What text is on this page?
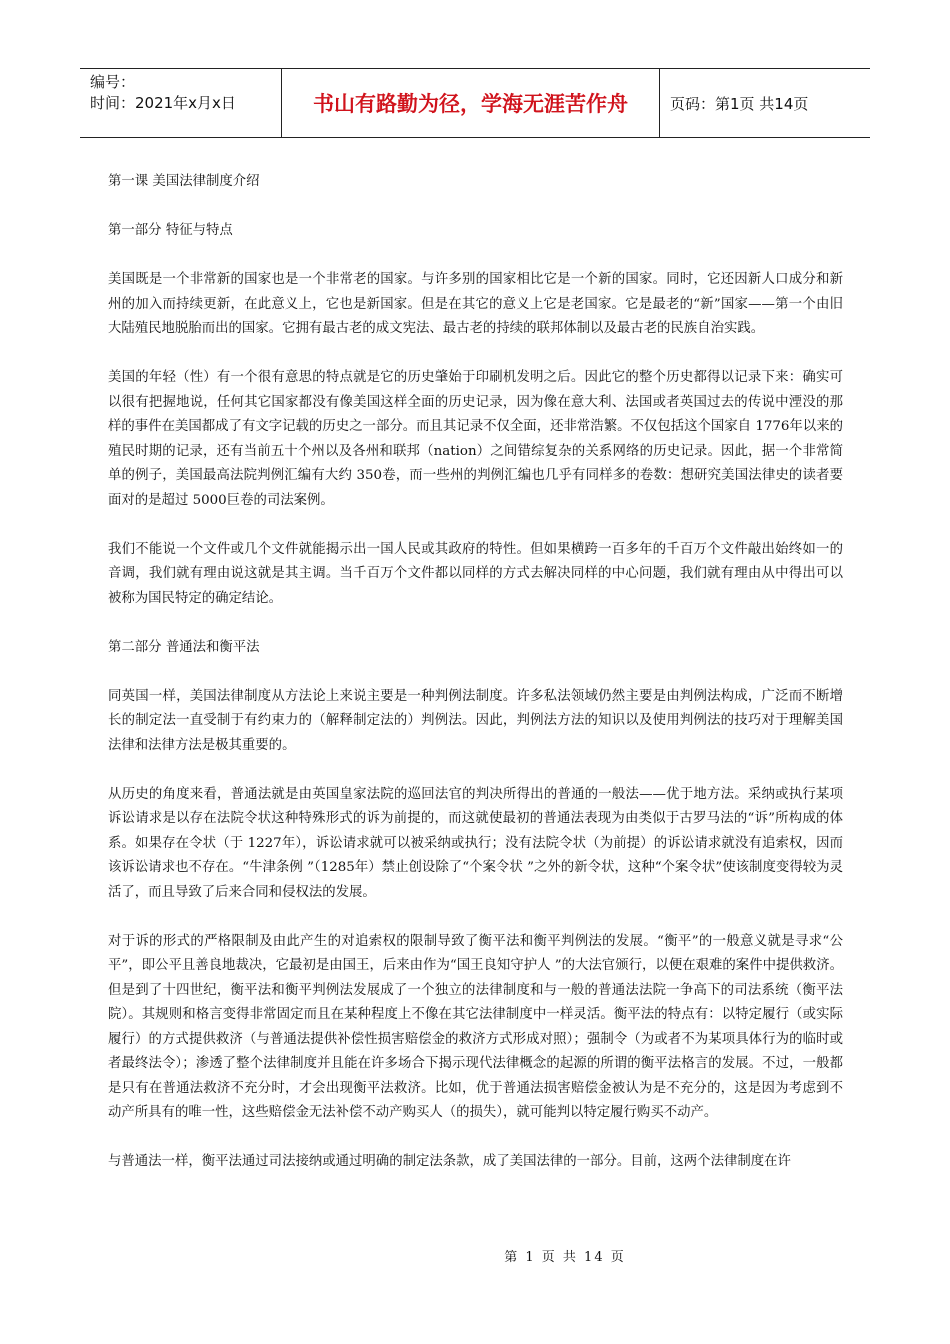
编号：
时间：2021年x月x日	书山有路勤为径，学海无涯苦作舟	页码：第1页 共14页

第一课 美国法律制度介绍

第一部分 特征与特点

美国既是一个非常新的国家也是一个非常老的国家。与许多别的国家相比它是一个新的国家。同时，它还因新人口成分和新州的加入而持续更新，在此意义上，它也是新国家。但是在其它的意义上它是老国家。它是最老的“新”国家——第一个由旧大陆殖民地脱胎而出的国家。它拥有最古老的成文宪法、最古老的持续的联邦体制以及最古老的民族自治实践。

美国的年轻（性）有一个很有意思的特点就是它的历史肇始于印刷机发明之后。因此它的整个历史都得以记录下来：确实可以很有把握地说，任何其它国家都没有像美国这样全面的历史记录，因为像在意大利、法国或者英国过去的传说中湮没的那样的事件在美国都成了有文字记载的历史之一部分。而且其记录不仅全面，还非常浩繁。不仅包括这个国家自 1776年以来的殖民时期的记录，还有当前五十个州以及各州和联邦（nation）之间错综复杂的关系网络的历史记录。因此，据一个非常简单的例子，美国最高法院判例汇编有大约 350卷，而一些州的判例汇编也几乎有同样多的卷数：想研究美国法律史的读者要面对的是超过 5000巨卷的司法案例。

我们不能说一个文件或几个文件就能揭示出一国人民或其政府的特性。但如果横跨一百多年的千百万个文件敲出始终如一的音调，我们就有理由说这就是其主调。当千百万个文件都以同样的方式去解决同样的中心问题，我们就有理由从中得出可以被称为国民特定的确定结论。

第二部分 普通法和衡平法

同英国一样，美国法律制度从方法论上来说主要是一种判例法制度。许多私法领域仍然主要是由判例法构成，广泛而不断增长的制定法一直受制于有约束力的（解释制定法的）判例法。因此，判例法方法的知识以及使用判例法的技巧对于理解美国法律和法律方法是极其重要的。

从历史的角度来看，普通法就是由英国皇家法院的巡回法官的判决所得出的普通的一般法——优于地方法。采纳或执行某项诉讼请求是以存在法院令状这种特殊形式的诉为前提的，而这就使最初的普通法表现为由类似于古罗马法的“诉”所构成的体系。如果存在令状（于 1227年），诉讼请求就可以被采纳或执行；没有法院令状（为前提）的诉讼请求就没有追索权，因而该诉讼请求也不存在。“牛津条例 ”（1285年）禁止创设除了“个案令状 ”之外的新令状，这种“个案令状”使该制度变得较为灵活了，而且导致了后来合同和侵权法的发展。

对于诉的形式的严格限制及由此产生的对追索权的限制导致了衡平法和衡平判例法的发展。“衡平”的一般意义就是寻求“公平”，即公平且善良地裁决，它最初是由国王，后来由作为“国王良知守护人 ”的大法官颁行，以便在艰难的案件中提供救济。但是到了十四世纪，衡平法和衡平判例法发展成了一个独立的法律制度和与一般的普通法法院一争高下的司法系统（衡平法院）。其规则和格言变得非常固定而且在某种程度上不像在其它法律制度中一样灵活。衡平法的特点有：以特定履行（或实际履行）的方式提供救济（与普通法提供补偿性损害赔偿金的救济方式形成对照）；强制令（为或者不为某项具体行为的临时或者最终法令）；渗透了整个法律制度并且能在许多场合下揭示现代法律概念的起源的所谓的衡平法格言的发展。不过，一般都是只有在普通法救济不充分时，才会出现衡平法救济。比如，优于普通法损害赔偿金被认为是不充分的，这是因为考虑到不动产所具有的唯一性，这些赔偿金无法补偿不动产购买人（的损失），就可能判以特定履行购买不动产。

与普通法一样，衡平法通过司法接纳或通过明确的制定法条款，成了美国法律的一部分。目前，这两个法律制度在许

第 1 页 共 14 页
